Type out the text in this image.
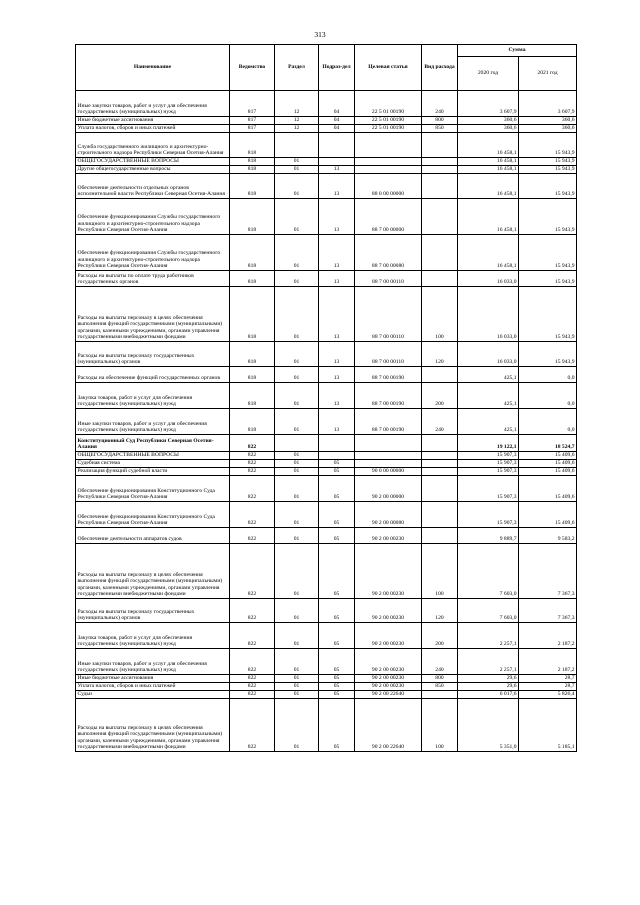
313
Наименование	Ведомство	Раздел	Подраз-дел	Целевая статья	Вид расхода	Сумма	
						2020 год	2021 год
Иные закупки товаров, работ и услуг для обеспечения государственных (муниципальных) нужд	817	12	04	22 5 01 00190	240	3 607,9	3 607,9
Иные бюджетные ассигнования	817	12	04	22 5 01 00190	800	360,6	360,6
Уплата налогов, сборов и иных платежей	817	12	04	22 5 01 00190	850	360,6	360,6
Служба государственного жилищного и архитектурно-строительного надзора Республики Северная Осетия-Алания	818					16 458,1	15 943,9
ОБЩЕГОСУДАРСТВЕННЫЕ ВОПРОСЫ	818	01				16 458,1	15 943,9
Другие общегосударственные вопросы	818	01	13			16 458,1	15 943,9
Обеспечение деятельности отдельных органов исполнительной власти Республики Северная Осетия-Алания	818	01	13	88 0 00 00000		16 458,1	15 943,9
Обеспечение функционирования Службы государственного жилищного и архитектурно-строительного надзора Республики Северная Осетия-Алания	818	01	13	88 7 00 00000		16 458,1	15 943,9
Обеспечение функционирования Службы государственного жилищного и архитектурно-строительного надзора Республики Северная Осетия-Алания	818	01	13	88 7 00 00080		16 458,1	15 943,9
Расходы на выплаты по оплате труда работников государственных органов	818	01	13	88 7 00 00110		16 033,0	15 943,9
Расходы на выплаты персоналу в целях обеспечения выполнения функций государственными (муниципальными) органами, казенными учреждениями, органами управления государственными внебюджетными фондами	818	01	13	88 7 00 00110	100	16 033,0	15 943,9
Расходы на выплаты персоналу государственных (муниципальных) органов	818	01	13	88 7 00 00110	120	16 033,0	15 943,9
Расходы на обеспечение функций государственных органов	818	01	13	88 7 00 00190		425,1	0,0
Закупка товаров, работ и услуг для обеспечения государственных (муниципальных) нужд	818	01	13	88 7 00 00190	200	425,1	0,0
Иные закупки товаров, работ и услуг для обеспечения государственных (муниципальных) нужд	818	01	13	88 7 00 00190	240	425,1	0,0
Конституционный Суд Республики Северная Осетия-Алания	822					19 122,1	18 524,7
ОБЩЕГОСУДАРСТВЕННЫЕ ВОПРОСЫ	822	01				15 907,3	15 409,6
Судебная система	822	01	05			15 907,3	15 409,6
Реализация функций судебной власти	822	01	05	90 0 00 00000		15 907,3	15 409,6
Обеспечение функционирования Конституционного Суда Республики Северная Осетия-Алания	822	01	05	90 2 00 00000		15 907,3	15 409,6
Обеспечение функционирования Конституционного Суда Республики Северная Осетия-Алания	822	01	05	90 2 00 00080		15 907,3	15 409,6
Обеспечение деятельности аппаратов судов	822	01	05	90 2 00 00230		9 889,7	9 583,2
Расходы на выплаты персоналу в целях обеспечения выполнения функций государственными (муниципальными) органами, казенными учреждениями, органами управления государственными внебюджетными фондами	822	01	05	90 2 00 00230	100	7 603,0	7 367,3
Расходы на выплаты персоналу государственных (муниципальных) органов	822	01	05	90 2 00 00230	120	7 603,0	7 367,3
Закупка товаров, работ и услуг для обеспечения государственных (муниципальных) нужд	822	01	05	90 2 00 00230	200	2 257,1	2 187,2
Иные закупки товаров, работ и услуг для обеспечения государственных (муниципальных) нужд	822	01	05	90 2 00 00230	240	2 257,1	2 187,2
Иные бюджетные ассигнования	822	01	05	90 2 00 00230	800	29,6	28,7
Уплата налогов, сборов и иных платежей	822	01	05	90 2 00 00230	850	29,6	28,7
Судьи	822	01	05	90 2 00 22640		6 017,6	5 826,4
Расходы на выплаты персоналу в целях обеспечения выполнения функций государственными (муниципальными) органами, казенными учреждениями, органами управления государственными внебюджетными фондами	822	01	05	90 2 00 22640	100	5 351,0	5 185,1
